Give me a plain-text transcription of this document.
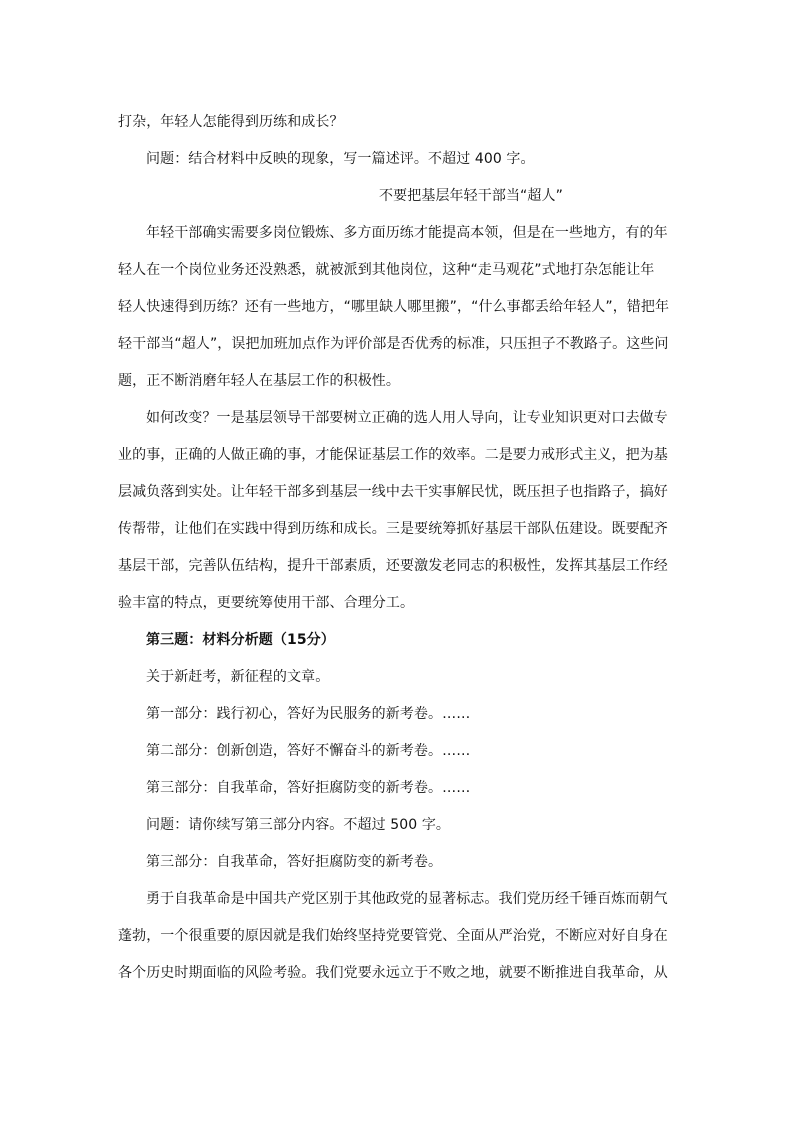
打杂，年轻人怎能得到历练和成长？
问题：结合材料中反映的现象，写一篇述评。不超过 400 字。
不要把基层年轻干部当“超人”
年轻干部确实需要多岗位锻炼、多方面历练才能提高本领，但是在一些地方，有的年
轻人在一个岗位业务还没熟悉，就被派到其他岗位，这种“走马观花”式地打杂怎能让年
轻人快速得到历练？还有一些地方，“哪里缺人哪里搬”，“什么事都丢给年轻人”，错把年
轻干部当“超人”，误把加班加点作为评价部是否优秀的标准，只压担子不教路子。这些问
题，正不断消磨年轻人在基层工作的积极性。
如何改变？一是基层领导干部要树立正确的选人用人导向，让专业知识更对口去做专
业的事，正确的人做正确的事，才能保证基层工作的效率。二是要力戒形式主义，把为基
层减负落到实处。让年轻干部多到基层一线中去干实事解民忧，既压担子也指路子，搞好
传帮带，让他们在实践中得到历练和成长。三是要统筹抓好基层干部队伍建设。既要配齐
基层干部，完善队伍结构，提升干部素质，还要激发老同志的积极性，发挥其基层工作经
验丰富的特点，更要统筹使用干部、合理分工。
第三题：材料分析题（15分）
关于新赶考，新征程的文章。
第一部分：践行初心，答好为民服务的新考卷。……
第二部分：创新创造，答好不懈奋斗的新考卷。……
第三部分：自我革命，答好拒腐防变的新考卷。……
问题：请你续写第三部分内容。不超过 500 字。
第三部分：自我革命，答好拒腐防变的新考卷。
勇于自我革命是中国共产党区别于其他政党的显著标志。我们党历经千锤百炼而朝气
蓬勃，一个很重要的原因就是我们始终坚持党要管党、全面从严治党，不断应对好自身在
各个历史时期面临的风险考验。我们党要永远立于不败之地，就要不断推进自我革命，从
